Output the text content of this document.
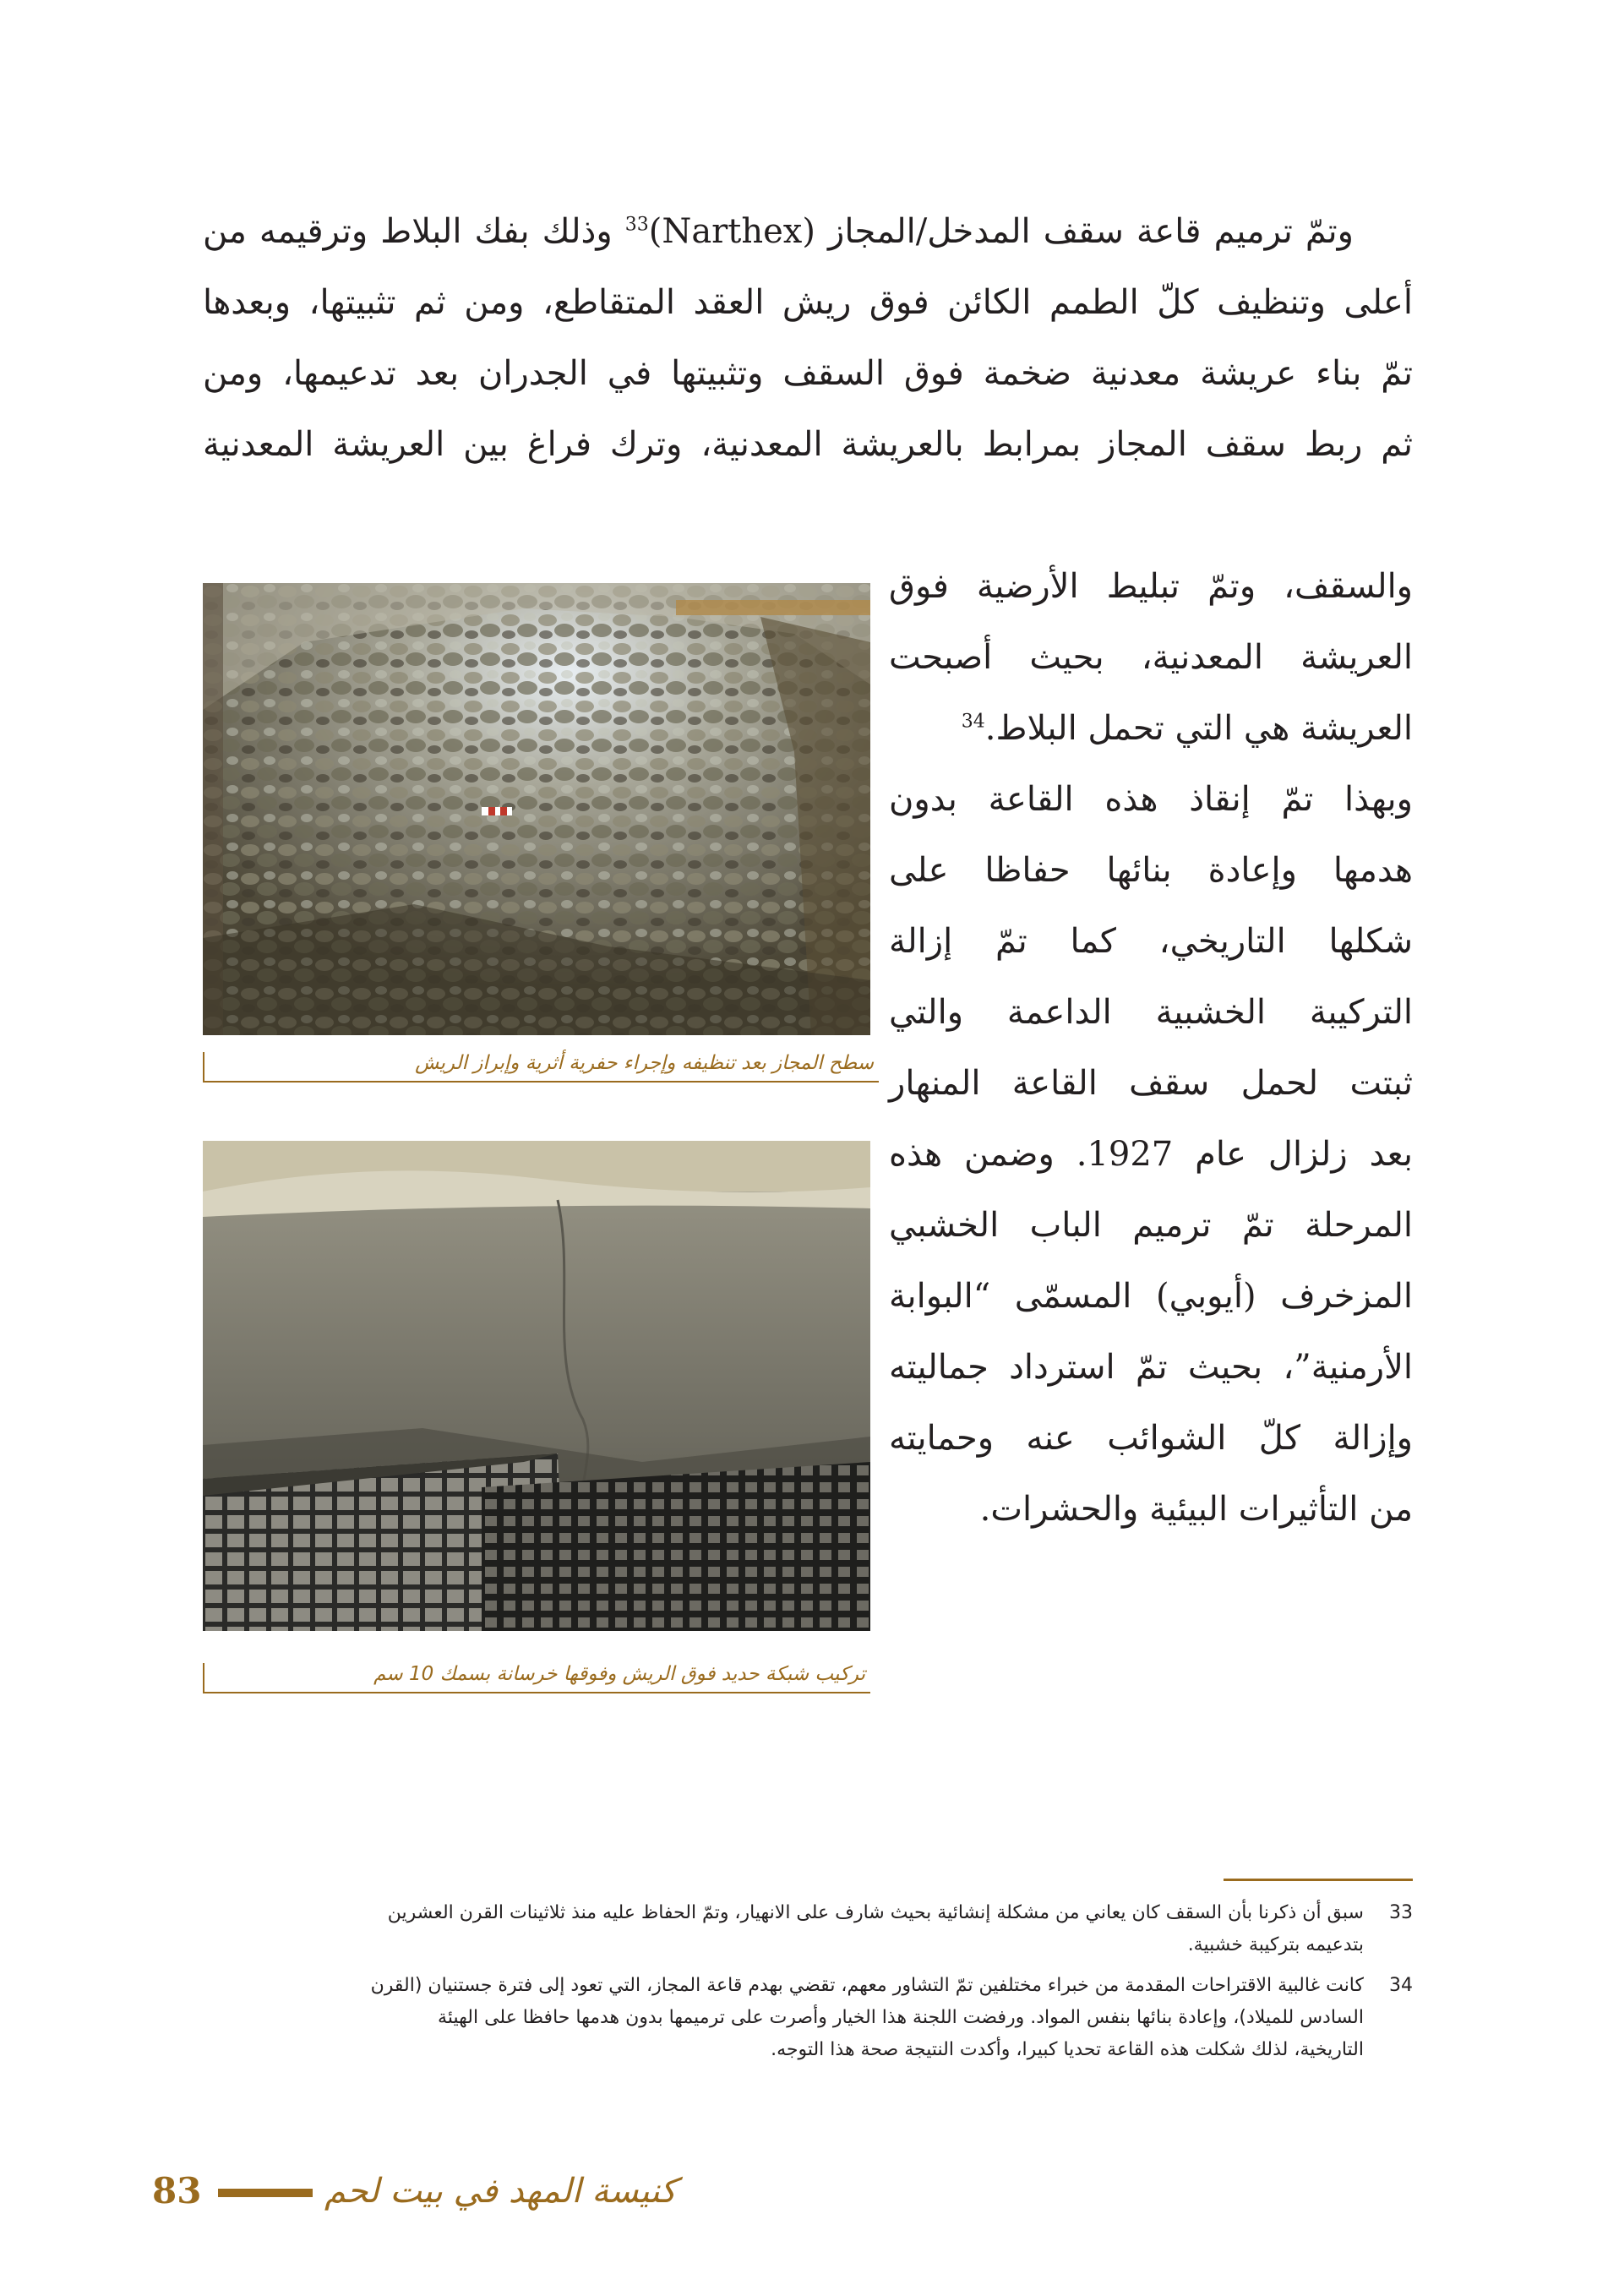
وتمّ ترميم قاعة سقف المدخل/المجاز (Narthex)$^{33}$ وذلك بفك البلاط وترقيمه من
أعلى وتنظيف كلّ الطمم الكائن فوق ريش العقد المتقاطع، ومن ثم تثبيتها، وبعدها
تمّ بناء عريشة معدنية ضخمة فوق السقف وتثبيتها في الجدران بعد تدعيمها، ومن
ثم ربط سقف المجاز بمرابط بالعريشة المعدنية، وترك فراغ بين العريشة المعدنية
والسقف، وتمّ تبليط الأرضية فوق
العريشة المعدنية، بحيث أصبحت
العريشة هي التي تحمل البلاط.$^{34}$
وبهذا تمّ إنقاذ هذه القاعة بدون
هدمها وإعادة بنائها حفاظا على
شكلها التاريخي، كما تمّ إزالة
التركيبة الخشبية الداعمة والتي
ثبتت لحمل سقف القاعة المنهار
بعد زلزال عام 1927. وضمن هذه
المرحلة تمّ ترميم الباب الخشبي
المزخرف (أيوبي) المسمّى “البوابة
الأرمنية”، بحيث تمّ استرداد جماليته
وإزالة كلّ الشوائب عنه وحمايته
من التأثيرات البيئية والحشرات.
سطح المجاز بعد تنظيفه وإجراء حفرية أثرية وإبراز الريش
تركيب شبكة حديد فوق الريش وفوقها خرسانة بسمك 10 سم
33
سبق أن ذكرنا بأن السقف كان يعاني من مشكلة إنشائية بحيث شارف على الانهيار، وتمّ الحفاظ عليه منذ ثلاثينات القرن العشرين
بتدعيمه بتركيبة خشبية.
34
كانت غالبية الاقتراحات المقدمة من خبراء مختلفين تمّ التشاور معهم، تقضي بهدم قاعة المجاز، التي تعود إلى فترة جستنيان (القرن
السادس للميلاد)، وإعادة بنائها بنفس المواد. ورفضت اللجنة هذا الخيار وأصرت على ترميمها بدون هدمها حافظا على الهيئة
التاريخية، لذلك شكلت هذه القاعة تحديا كبيرا، وأكدت النتيجة صحة هذا التوجه.
83	كنيسة المهد في بيت لحم
